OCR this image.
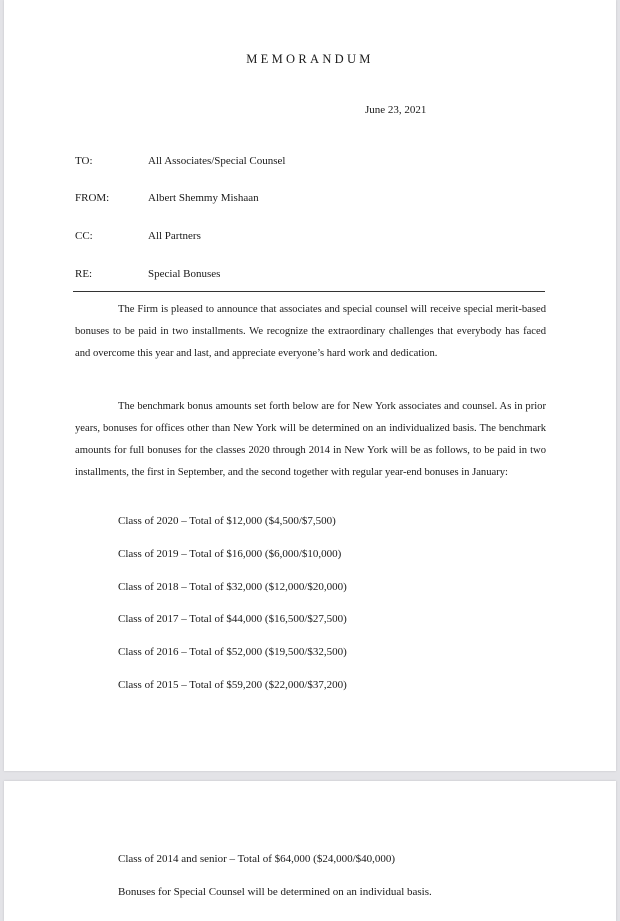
MEMORANDUM
June 23, 2021
TO:	All Associates/Special Counsel
FROM:	Albert Shemmy Mishaan
CC:	All Partners
RE:	Special Bonuses
The Firm is pleased to announce that associates and special counsel will receive special merit-based bonuses to be paid in two installments. We recognize the extraordinary challenges that everybody has faced and overcome this year and last, and appreciate everyone’s hard work and dedication.
The benchmark bonus amounts set forth below are for New York associates and counsel. As in prior years, bonuses for offices other than New York will be determined on an individualized basis. The benchmark amounts for full bonuses for the classes 2020 through 2014 in New York will be as follows, to be paid in two installments, the first in September, and the second together with regular year-end bonuses in January:
Class of 2020 – Total of $12,000 ($4,500/$7,500)
Class of 2019 – Total of $16,000 ($6,000/$10,000)
Class of 2018 – Total of $32,000 ($12,000/$20,000)
Class of 2017 – Total of $44,000 ($16,500/$27,500)
Class of 2016 – Total of $52,000 ($19,500/$32,500)
Class of 2015 – Total of $59,200 ($22,000/$37,200)
Class of 2014 and senior – Total of $64,000 ($24,000/$40,000)
Bonuses for Special Counsel will be determined on an individual basis.
